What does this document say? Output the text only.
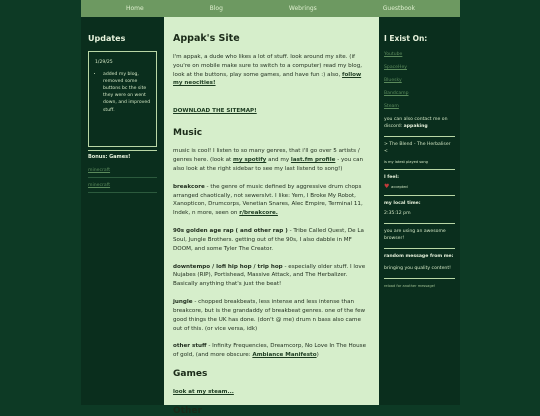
Home	Blog	Webrings	Guestbook
Updates
1/29/25
• added my blog, removed some buttons bc the site they were on went down, and improved stuff.
Bonus: Games!
minecraft
minecraft
Appak's Site

I'm appak, a dude who likes a lot of stuff. look around my site. (if you're on mobile make sure to switch to a computer) read my blog, look at the buttons, play some games, and have fun :) also, follow my neocities!

DOWNLOAD THE SITEMAP!
Music

music is cool! I listen to so many genres, that i'll go over 5 artists / genres here. (look at my spotify and my last.fm profile - you can also look at the right sidebar to see my last listend to song!)

breakcore - the genre of music defined by aggressive drum chops arranged chaotically, not sewerslvt. I like: Yem, I Broke My Robot, Xanopticon, Drumcorps, Venetian Snares, Alec Empire, Terminal 11, Indek, n more, seen on r/breakcore.

90s golden age rap ( and other rap ) - Tribe Called Quest, De La Soul, Jungle Brothers. getting out of the 90s, I also dabble in MF DOOM, and some Tyler The Creator.

downtempo / lofi hip hop / trip hop - especially older stuff. I love Nujabes (RIP), Portishead, Massive Attack, and The Herbalizer. Basically anything that's just the beat!

jungle - chopped breakbeats, less intense and less intense than breakcore, but is the grandaddy of breakbeat genres. one of the few good things the UK has done. (don't @ me) drum n bass also came out of this. (or vice versa, idk)

other stuff - Infinity Frequencies, Dreamcorp, No Love In The House of gold, (and more obscure: Ambiance Manifesto)

Games

look at my steam...

Other
I Exist On:
Youtube
SpaceHey
Bluesky
Bandcamp
Steam
you can also contact me on discord: appaking
> The Blend - The Herbaliser <
is my latest played song
I feel:
♥ accepted
my local time:
2:35:12 pm
you are using an awesome browser!
random message from me:
bringing you quality content!
reload for another message!
